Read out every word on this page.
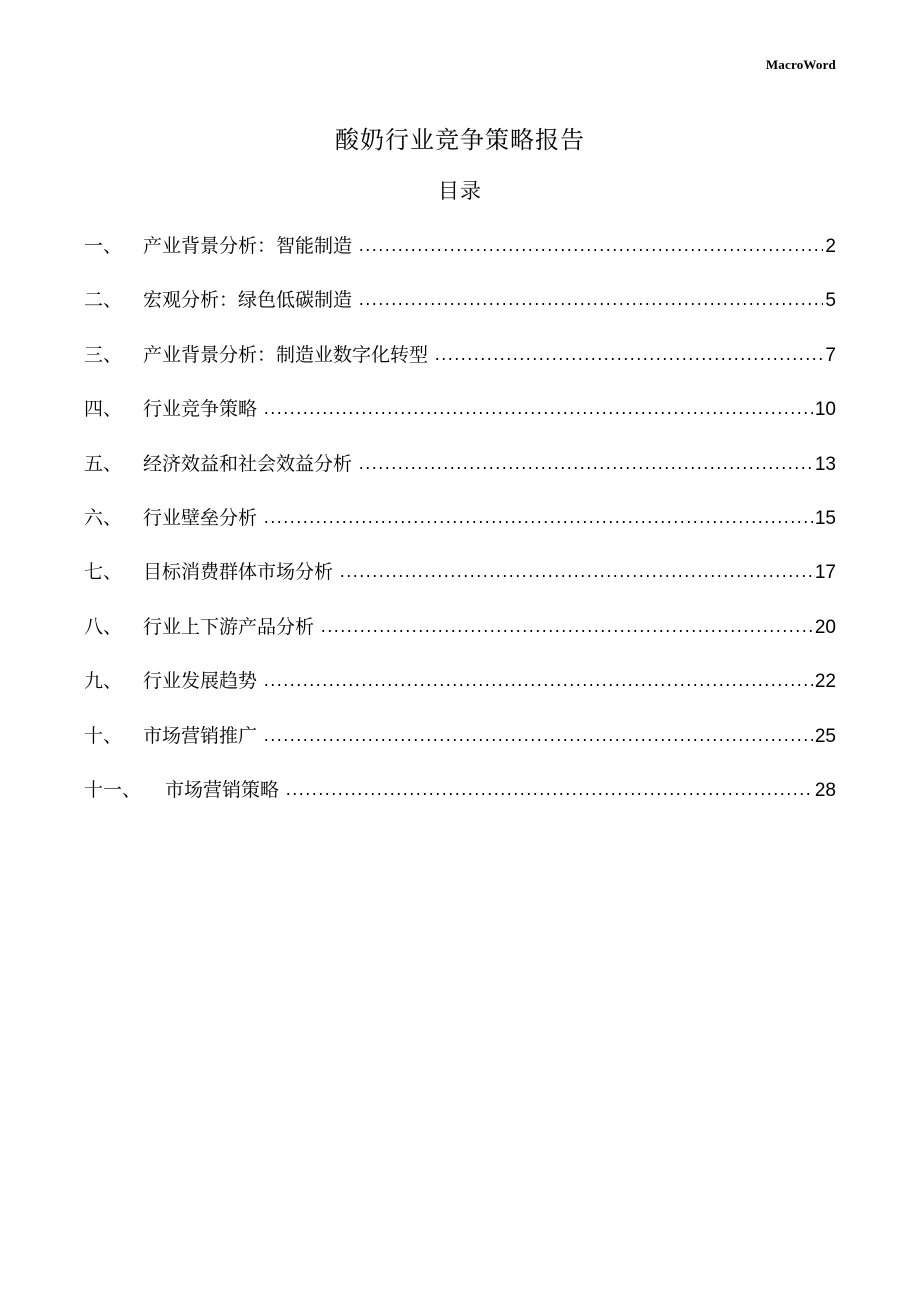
MacroWord
酸奶行业竞争策略报告
目录
一、	产业背景分析：智能制造	2
二、	宏观分析：绿色低碳制造	5
三、	产业背景分析：制造业数字化转型	7
四、	行业竞争策略	10
五、	经济效益和社会效益分析	13
六、	行业壁垒分析	15
七、	目标消费群体市场分析	17
八、	行业上下游产品分析	20
九、	行业发展趋势	22
十、	市场营销推广	25
十一、	市场营销策略	28
